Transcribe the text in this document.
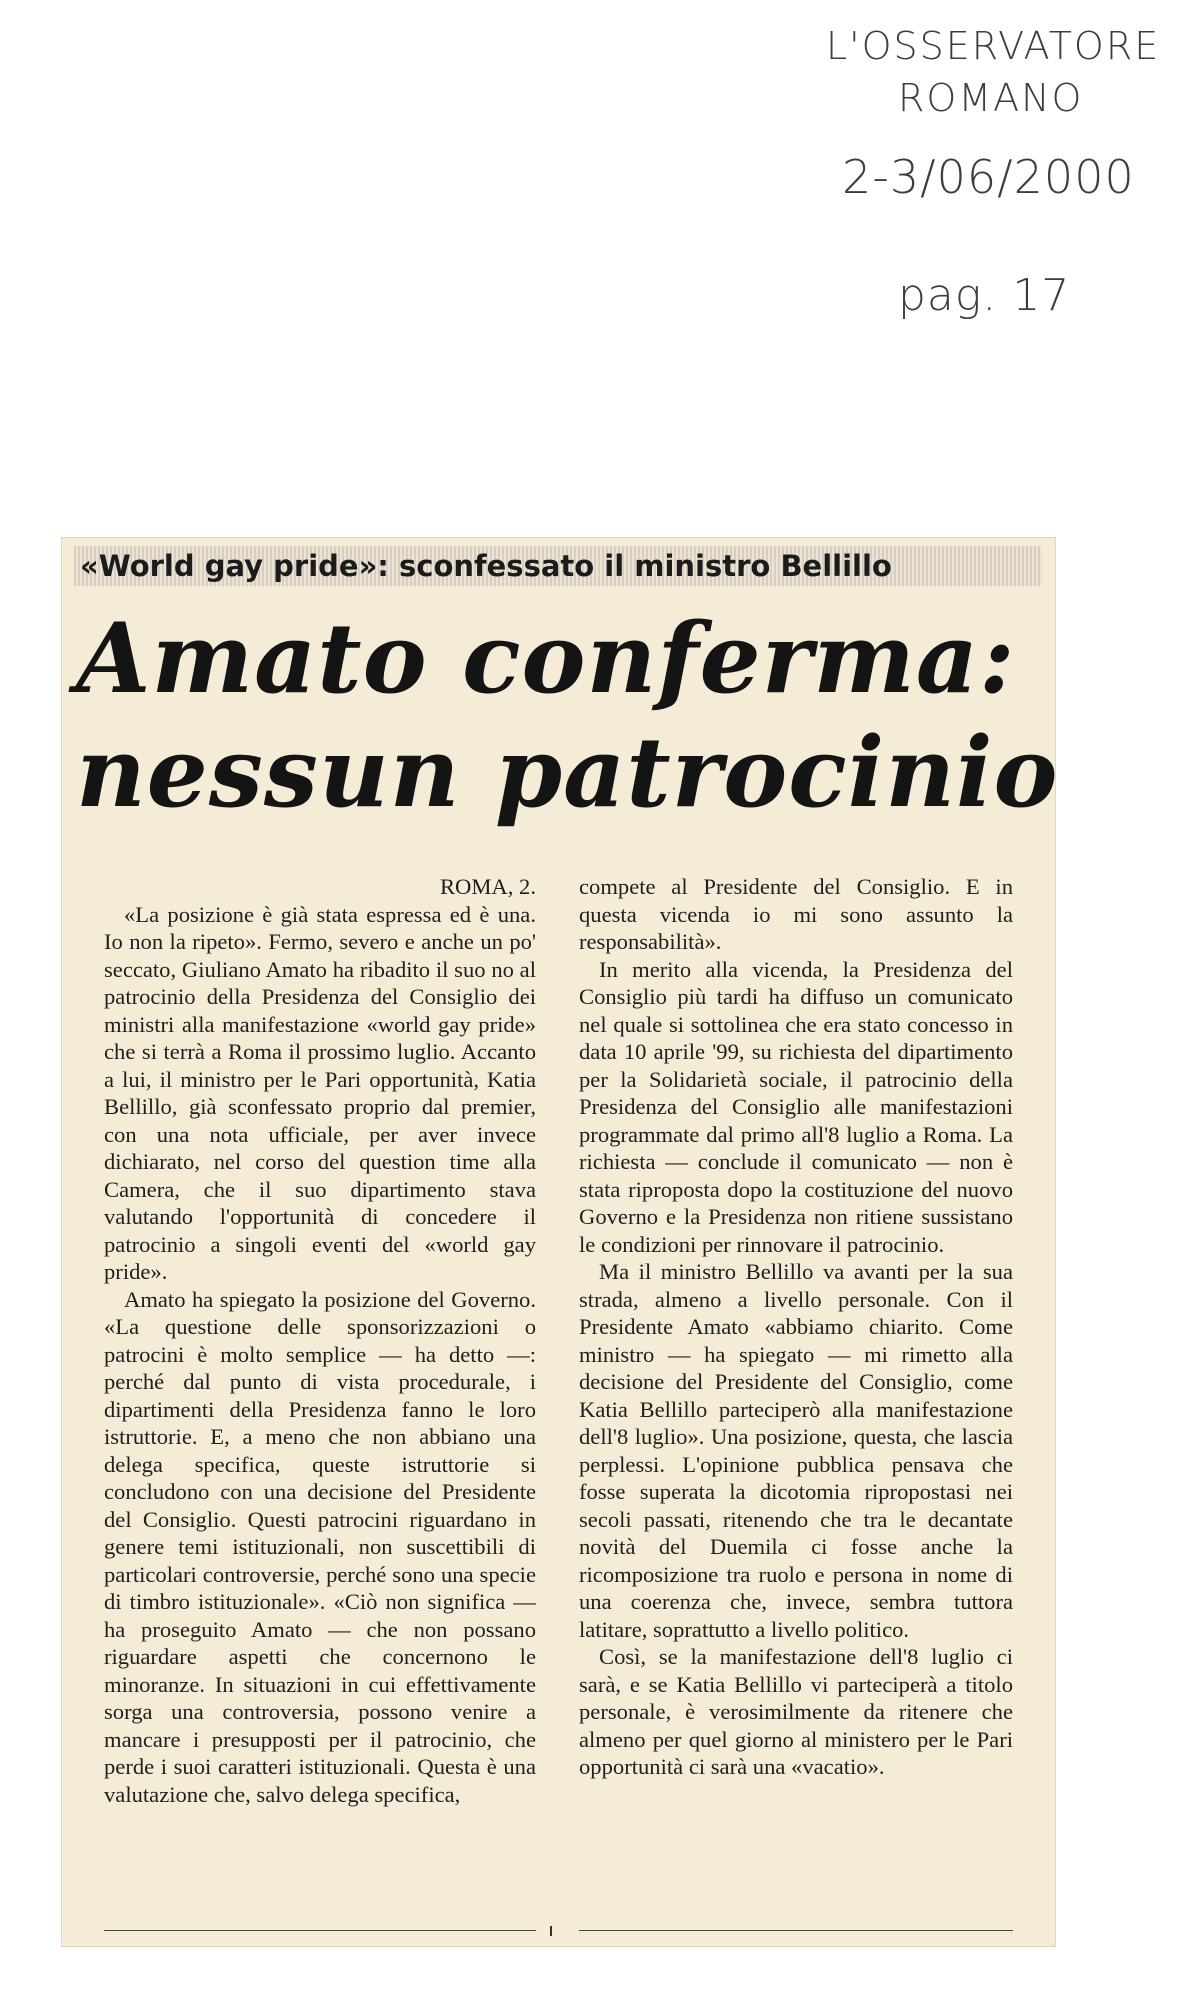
L'OSSERVATORE
ROMANO
2-3/06/2000
pag. 17
«World gay pride»: sconfessato il ministro Bellillo
Amato conferma:
nessun patrocinio

ROMA, 2.

«La posizione è già stata espressa ed è una. Io non la ripeto». Fermo, severo e anche un po' seccato, Giuliano Amato ha ribadito il suo no al patrocinio della Presidenza del Consiglio dei ministri alla manifestazione «world gay pride» che si terrà a Roma il prossimo luglio. Accanto a lui, il ministro per le Pari opportunità, Katia Bellillo, già sconfessato proprio dal premier, con una nota ufficiale, per aver invece dichiarato, nel corso del question time alla Camera, che il suo dipartimento stava valutando l'opportunità di concedere il patrocinio a singoli eventi del «world gay pride».

Amato ha spiegato la posizione del Governo. «La questione delle sponsorizzazioni o patrocini è molto semplice — ha detto —: perché dal punto di vista procedurale, i dipartimenti della Presidenza fanno le loro istruttorie. E, a meno che non abbiano una delega specifica, queste istruttorie si concludono con una decisione del Presidente del Consiglio. Questi patrocini riguardano in genere temi istituzionali, non suscettibili di particolari controversie, perché sono una specie di timbro istituzionale». «Ciò non significa — ha proseguito Amato — che non possano riguardare aspetti che concernono le minoranze. In situazioni in cui effettivamente sorga una controversia, possono venire a mancare i presupposti per il patrocinio, che perde i suoi caratteri istituzionali. Questa è una valutazione che, salvo delega specifica,

compete al Presidente del Consiglio. E in questa vicenda io mi sono assunto la responsabilità».

In merito alla vicenda, la Presidenza del Consiglio più tardi ha diffuso un comunicato nel quale si sottolinea che era stato concesso in data 10 aprile '99, su richiesta del dipartimento per la Solidarietà sociale, il patrocinio della Presidenza del Consiglio alle manifestazioni programmate dal primo all'8 luglio a Roma. La richiesta — conclude il comunicato — non è stata riproposta dopo la costituzione del nuovo Governo e la Presidenza non ritiene sussistano le condizioni per rinnovare il patrocinio.

Ma il ministro Bellillo va avanti per la sua strada, almeno a livello personale. Con il Presidente Amato «abbiamo chiarito. Come ministro — ha spiegato — mi rimetto alla decisione del Presidente del Consiglio, come Katia Bellillo parteciperò alla manifestazione dell'8 luglio». Una posizione, questa, che lascia perplessi. L'opinione pubblica pensava che fosse superata la dicotomia ripropostasi nei secoli passati, ritenendo che tra le decantate novità del Duemila ci fosse anche la ricomposizione tra ruolo e persona in nome di una coerenza che, invece, sembra tuttora latitare, soprattutto a livello politico.

Così, se la manifestazione dell'8 luglio ci sarà, e se Katia Bellillo vi parteciperà a titolo personale, è verosimilmente da ritenere che almeno per quel giorno al ministero per le Pari opportunità ci sarà una «vacatio».
